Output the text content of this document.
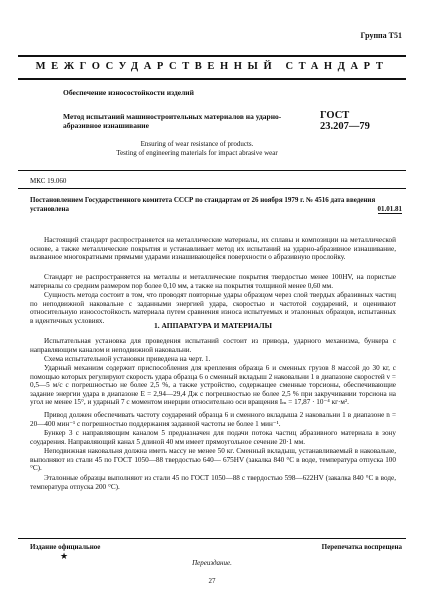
Группа Т51
МЕЖГОСУДАРСТВЕННЫЙ СТАНДАРТ
Обеспечение износостойкости изделий
Метод испытаний машиностроительных материалов на ударно-абразивное изнашивание
ГОСТ
23.207—79
Ensuring of wear resistance of products.
Testing of engineering materials for impact abrasive wear
МКС 19.060
Постановлением Государственного комитета СССР по стандартам от 26 ноября 1979 г. № 4516 дата введения установлена	01.01.81
Настоящий стандарт распространяется на металлические материалы, их сплавы и композиции на металлической основе, а также металлические покрытия и устанавливает метод их испытаний на ударно-абразивное изнашивание, вызванное многократными прямыми ударами изнашивающейся поверхности о абразивную прослойку.
Стандарт не распространяется на металлы и металлические покрытия твердостью менее 100HV, на пористые материалы со средним размером пор более 0,10 мм, а также на покрытия толщиной менее 0,60 мм.
Сущность метода состоит в том, что проводят повторные удары образцом через слой твердых абразивных частиц по неподвижной наковальне с заданными энергией удара, скоростью и частотой соударений, и оценивают относительную износостойкость материала путем сравнения износа испытуемых и эталонных образцов, испытанных в идентичных условиях.
1. АППАРАТУРА И МАТЕРИАЛЫ
Испытательная установка для проведения испытаний состоит из привода, ударного механизма, бункера с направляющим каналом и неподвижной наковальни.
Схема испытательной установки приведена на черт. 1.
Ударный механизм содержит приспособления для крепления образца 6 и сменных грузов 8 массой до 30 кг, с помощью которых регулируют скорость удара образца 6 о сменный вкладыш 2 наковальни 1 в диапазоне скоростей v = 0,5—5 м/с с погрешностью не более 2,5 %, а также устройство, содержащее сменные торсионы, обеспечивающие задание энергии удара в диапазоне E = 2,94—29,4 Дж с погрешностью не более 2,5 % при закручивании торсиона на угол не менее 15°, и ударный 7 с моментом инерции относительно оси вращения Iₘ = 17,87 · 10⁻⁴ кг·м².
Привод должен обеспечивать частоту соударений образца 6 и сменного вкладыша 2 наковальни 1 в диапазоне n = 20—400 мин⁻¹ с погрешностью поддержания заданной частоты не более 1 мин⁻¹.
Бункер 3 с направляющим каналом 5 предназначен для подачи потока частиц абразивного материала в зону соударения. Направляющий канал 5 длиной 40 мм имеет прямоугольное сечение 20·1 мм.
Неподвижная наковальня должна иметь массу не менее 50 кг. Сменный вкладыш, устанавливаемый в наковальне, выполняют из стали 45 по ГОСТ 1050—88 твердостью 640— 675HV (закалка 840 °С в воде, температура отпуска 100 °С).
Эталонные образцы выполняют из стали 45 по ГОСТ 1050—88 с твердостью 598—622HV (закалка 840 °С в воде, температура отпуска 200 °С).
Издание официальное	Перепечатка воспрещена
★
Переиздание.
27
